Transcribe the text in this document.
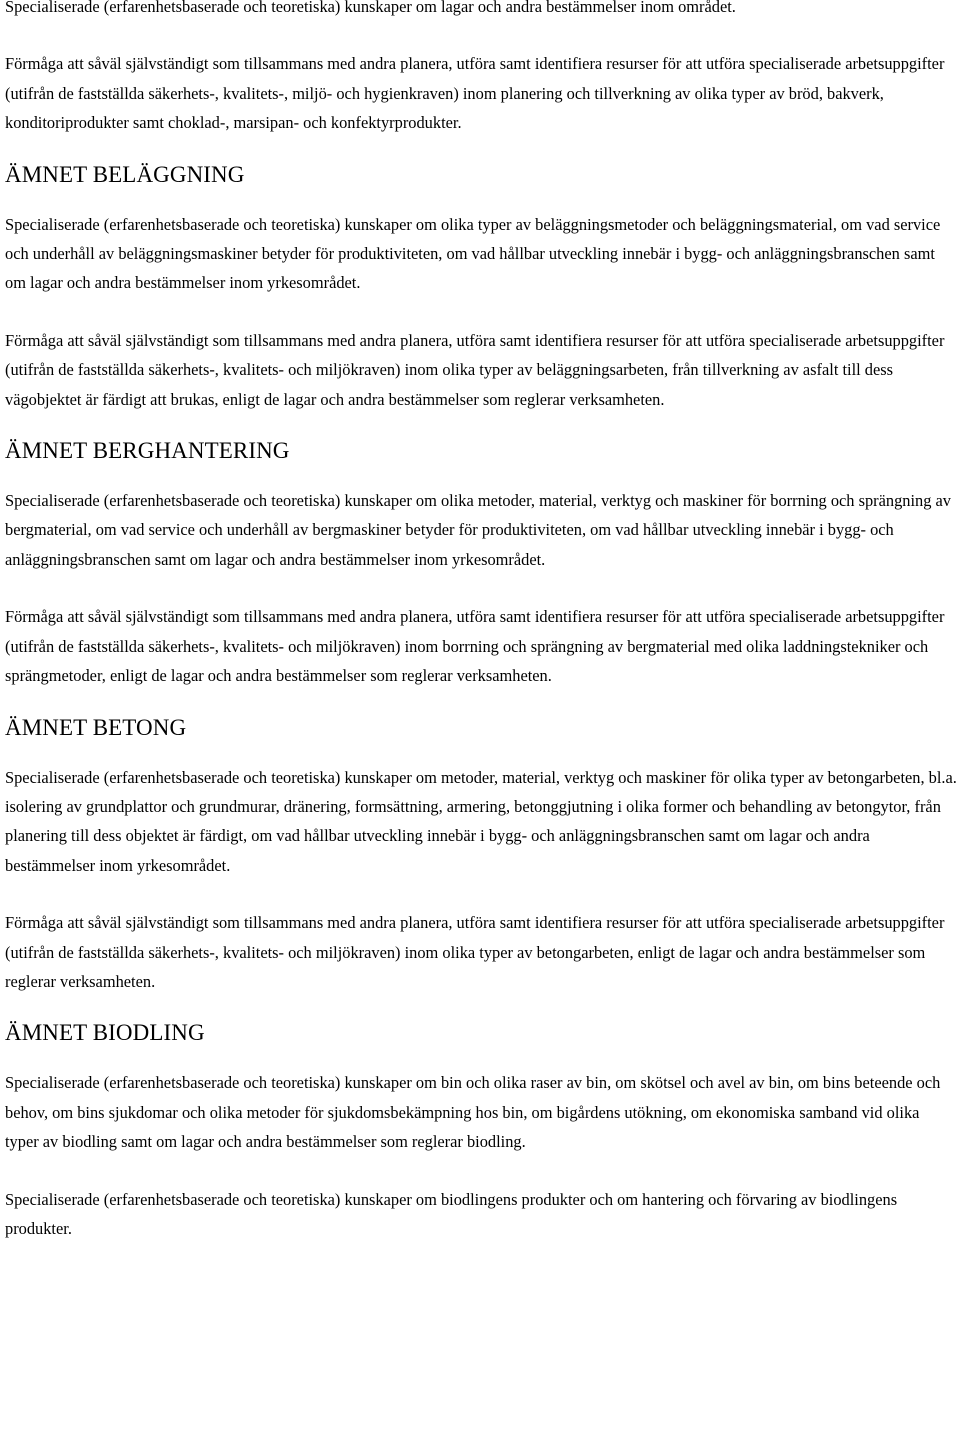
Specialiserade (erfarenhetsbaserade och teoretiska) kunskaper om lagar och andra bestämmelser inom området.

Förmåga att såväl självständigt som tillsammans med andra planera, utföra samt identifiera resurser för att utföra specialiserade arbetsuppgifter (utifrån de fastställda säkerhets-, kvalitets-, miljö- och hygienkraven) inom planering och tillverkning av olika typer av bröd, bakverk, konditoriprodukter samt choklad-, marsipan- och konfektyrprodukter.

ÄMNET BELÄGGNING

Specialiserade (erfarenhetsbaserade och teoretiska) kunskaper om olika typer av beläggningsmetoder och beläggningsmaterial, om vad service och underhåll av beläggningsmaskiner betyder för produktiviteten, om vad hållbar utveckling innebär i bygg- och anläggningsbranschen samt om lagar och andra bestämmelser inom yrkesområdet.

Förmåga att såväl självständigt som tillsammans med andra planera, utföra samt identifiera resurser för att utföra specialiserade arbetsuppgifter (utifrån de fastställda säkerhets-, kvalitets- och miljökraven) inom olika typer av beläggningsarbeten, från tillverkning av asfalt till dess vägobjektet är färdigt att brukas, enligt de lagar och andra bestämmelser som reglerar verksamheten.

ÄMNET BERGHANTERING

Specialiserade (erfarenhetsbaserade och teoretiska) kunskaper om olika metoder, material, verktyg och maskiner för borrning och sprängning av bergmaterial, om vad service och underhåll av bergmaskiner betyder för produktiviteten, om vad hållbar utveckling innebär i bygg- och anläggningsbranschen samt om lagar och andra bestämmelser inom yrkesområdet.

Förmåga att såväl självständigt som tillsammans med andra planera, utföra samt identifiera resurser för att utföra specialiserade arbetsuppgifter (utifrån de fastställda säkerhets-, kvalitets- och miljökraven) inom borrning och sprängning av bergmaterial med olika laddningstekniker och sprängmetoder, enligt de lagar och andra bestämmelser som reglerar verksamheten.

ÄMNET BETONG

Specialiserade (erfarenhetsbaserade och teoretiska) kunskaper om metoder, material, verktyg och maskiner för olika typer av betongarbeten, bl.a. isolering av grundplattor och grundmurar, dränering, formsättning, armering, betonggjutning i olika former och behandling av betongytor, från planering till dess objektet är färdigt, om vad hållbar utveckling innebär i bygg- och anläggningsbranschen samt om lagar och andra bestämmelser inom yrkesområdet.

Förmåga att såväl självständigt som tillsammans med andra planera, utföra samt identifiera resurser för att utföra specialiserade arbetsuppgifter (utifrån de fastställda säkerhets-, kvalitets- och miljökraven) inom olika typer av betongarbeten, enligt de lagar och andra bestämmelser som reglerar verksamheten.

ÄMNET BIODLING

Specialiserade (erfarenhetsbaserade och teoretiska) kunskaper om bin och olika raser av bin, om skötsel och avel av bin, om bins beteende och behov, om bins sjukdomar och olika metoder för sjukdomsbekämpning hos bin, om bigårdens utökning, om ekonomiska samband vid olika typer av biodling samt om lagar och andra bestämmelser som reglerar biodling.

Specialiserade (erfarenhetsbaserade och teoretiska) kunskaper om biodlingens produkter och om hantering och förvaring av biodlingens produkter.
